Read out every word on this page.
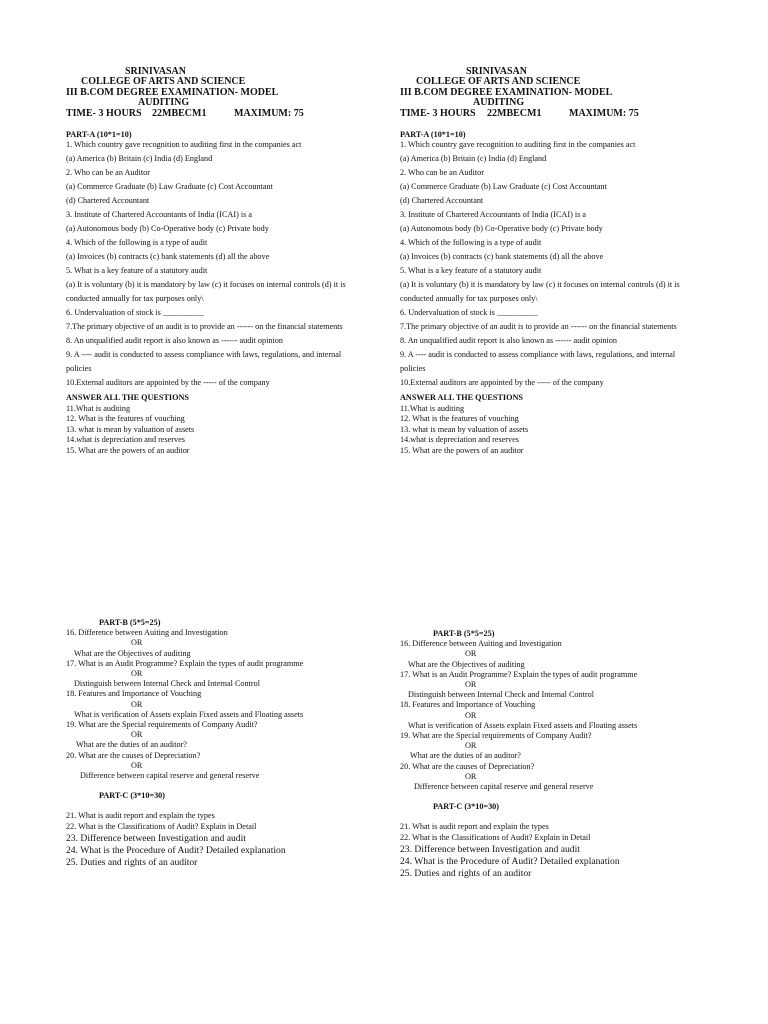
SRINIVASAN
COLLEGE OF ARTS AND SCIENCE
III B.COM DEGREE EXAMINATION- MODEL
AUDITING
TIME- 3 HOURS 22MBECM1	MAXIMUM: 75
PART-A (10*1=10)
1. Which country gave recognition to auditing first in the companies act
(a) America (b) Britain (c) India (d) England
2. Who can be an Auditor
(a) Commerce Graduate (b) Law Graduate (c) Cost Accountant
(d) Chartered Accountant
3. Institute of Chartered Accountants of India (ICAI) is a
(a) Autonomous body (b) Co-Operative body (c) Private body
4. Which of the following is a type of audit
(a) Invoices (b) contracts (c) bank statements (d) all the above
5. What is a key feature of a statutory audit
(a) It is voluntary (b) it is mandatory by law (c) it focuses on internal controls (d) it is
conducted annually for tax purposes only\
6. Undervaluation of stock is __________
7.The primary objective of an audit is to provide an ------ on the financial statements
8. An unqualified audit report is also known as ------ audit opinion
9. A ---- audit is conducted to assess compliance with laws, regulations, and internal
policies
10.External auditors are appointed by the ----- of the company
ANSWER ALL THE QUESTIONS
11.What is auditing
12. What is the features of vouching
13. what is mean by valuation of assets
14.what is depreciation and reserves
15. What are the powers of an auditor
PART-B (5*5=25)
16. Difference between Auiting and Investigation
OR
What are the Objectives of auditing
17. What is an Audit Programme? Explain the types of audit programme
OR
Distinguish between Internal Check and Internal Control
18. Features and Importance of Vouching
OR
What is verification of Assets explain Fixed assets and Floating assets
19. What are the Special requirements of Company Audit?
OR
What are the duties of an auditor?
20. What are the causes of Depreciation?
OR
Difference between capital reserve and general reserve
PART-C (3*10=30)
21. What is audit report and explain the types
22. What is the Classifications of Audit? Explain in Detail
23. Difference between Investigation and audit
24. What is the Procedure of Audit? Detailed explanation
25. Duties and rights of an auditor
SRINIVASAN
COLLEGE OF ARTS AND SCIENCE
III B.COM DEGREE EXAMINATION- MODEL
AUDITING
TIME- 3 HOURS 22MBECM1	MAXIMUM: 75
PART-A (10*1=10)
1. Which country gave recognition to auditing first in the companies act
(a) America (b) Britain (c) India (d) England
2. Who can be an Auditor
(a) Commerce Graduate (b) Law Graduate (c) Cost Accountant
(d) Chartered Accountant
3. Institute of Chartered Accountants of India (ICAI) is a
(a) Autonomous body (b) Co-Operative body (c) Private body
4. Which of the following is a type of audit
(a) Invoices (b) contracts (c) bank statements (d) all the above
5. What is a key feature of a statutory audit
(a) It is voluntary (b) it is mandatory by law (c) it focuses on internal controls (d) it is
conducted annually for tax purposes only\
6. Undervaluation of stock is __________
7.The primary objective of an audit is to provide an ------ on the financial statements
8. An unqualified audit report is also known as ------ audit opinion
9. A ---- audit is conducted to assess compliance with laws, regulations, and internal
policies
10.External auditors are appointed by the ----- of the company
ANSWER ALL THE QUESTIONS
11.What is auditing
12. What is the features of vouching
13. what is mean by valuation of assets
14.what is depreciation and reserves
15. What are the powers of an auditor
PART-B (5*5=25)
16. Difference between Auiting and Investigation
OR
What are the Objectives of auditing
17. What is an Audit Programme? Explain the types of audit programme
OR
Distinguish between Internal Check and Internal Control
18. Features and Importance of Vouching
OR
What is verification of Assets explain Fixed assets and Floating assets
19. What are the Special requirements of Company Audit?
OR
What are the duties of an auditor?
20. What are the causes of Depreciation?
OR
Difference between capital reserve and general reserve
PART-C (3*10=30)
21. What is audit report and explain the types
22. What is the Classifications of Audit? Explain in Detail
23. Difference between Investigation and audit
24. What is the Procedure of Audit? Detailed explanation
25. Duties and rights of an auditor
